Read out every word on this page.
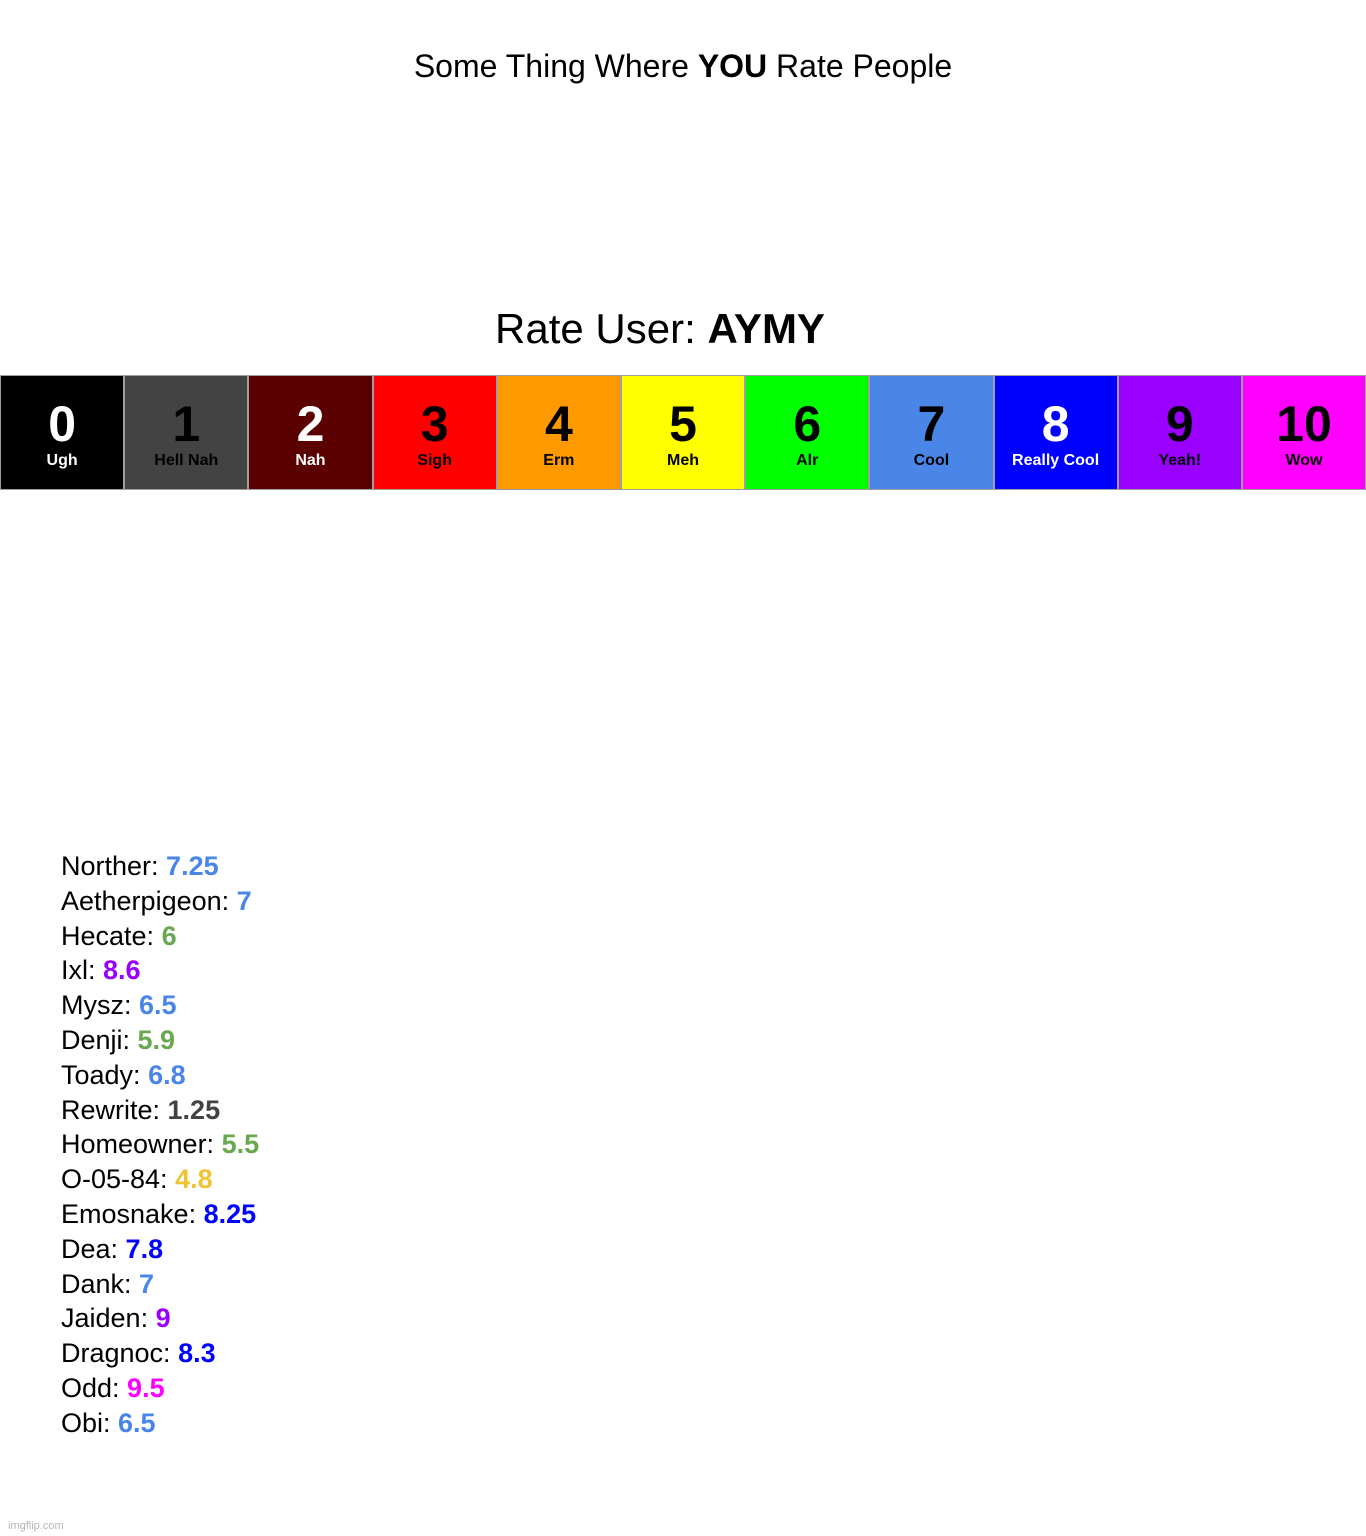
Some Thing Where YOU Rate People
Rate User: AYMY
0
Ugh
1
Hell Nah
2
Nah
3
Sigh
4
Erm
5
Meh
6
Alr
7
Cool
8
Really Cool
9
Yeah!
10
Wow
Norther: 7.25
Aetherpigeon: 7
Hecate: 6
Ixl: 8.6
Mysz: 6.5
Denji: 5.9
Toady: 6.8
Rewrite: 1.25
Homeowner: 5.5
O-05-84: 4.8
Emosnake: 8.25
Dea: 7.8
Dank: 7
Jaiden: 9
Dragnoc: 8.3
Odd: 9.5
Obi: 6.5
imgflip.com
